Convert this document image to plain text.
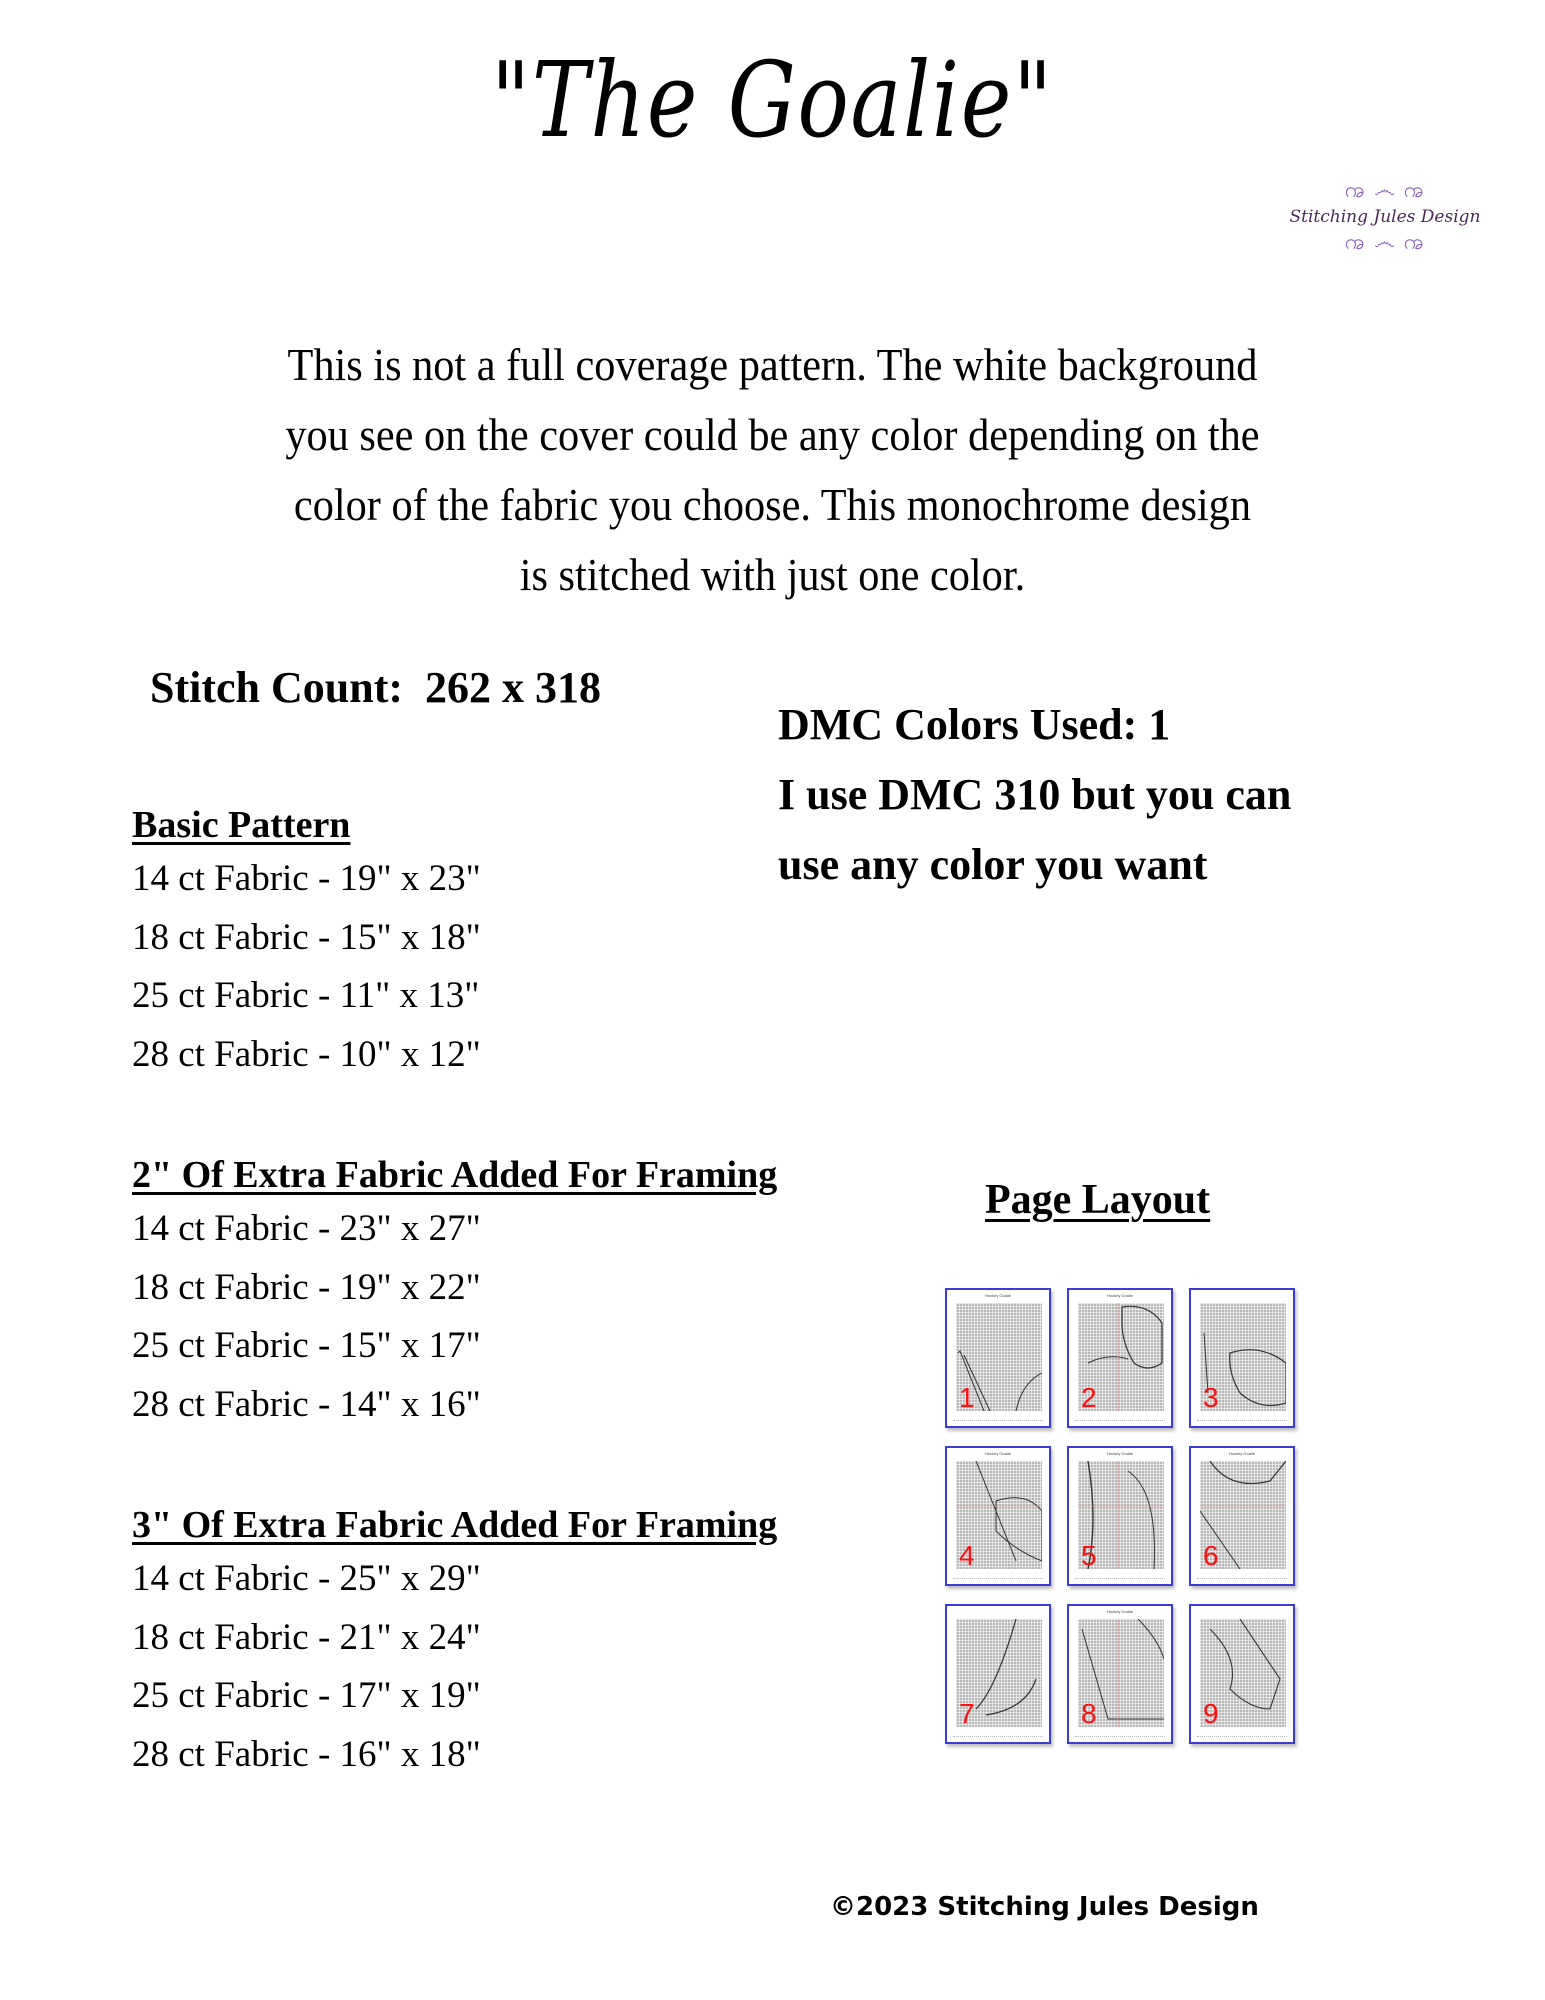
"The Goalie"
ꩠ ෴ ꩠ
Stitching Jules Design
ꩠ ෴ ꩠ
This is not a full coverage pattern. The white background
you see on the cover could be any color depending on the
color of the fabric you choose. This monochrome design
is stitched with just one color.
Stitch Count: 262 x 318
DMC Colors Used: 1
I use DMC 310 but you can
use any color you want
Basic Pattern
14 ct Fabric - 19" x 23"
18 ct Fabric - 15" x 18"
25 ct Fabric - 11" x 13"
28 ct Fabric - 10" x 12"
2" Of Extra Fabric Added For Framing
14 ct Fabric - 23" x 27"
18 ct Fabric - 19" x 22"
25 ct Fabric - 15" x 17"
28 ct Fabric - 14" x 16"
3" Of Extra Fabric Added For Framing
14 ct Fabric - 25" x 29"
18 ct Fabric - 21" x 24"
25 ct Fabric - 17" x 19"
28 ct Fabric - 16" x 18"
Page Layout
Hockey Goalie
1
Hockey Goalie
2	3
Hockey Goalie
4
Hockey Goalie
5
Hockey Goalie
6
7
Hockey Goalie
8	9
©2023 Stitching Jules Design
